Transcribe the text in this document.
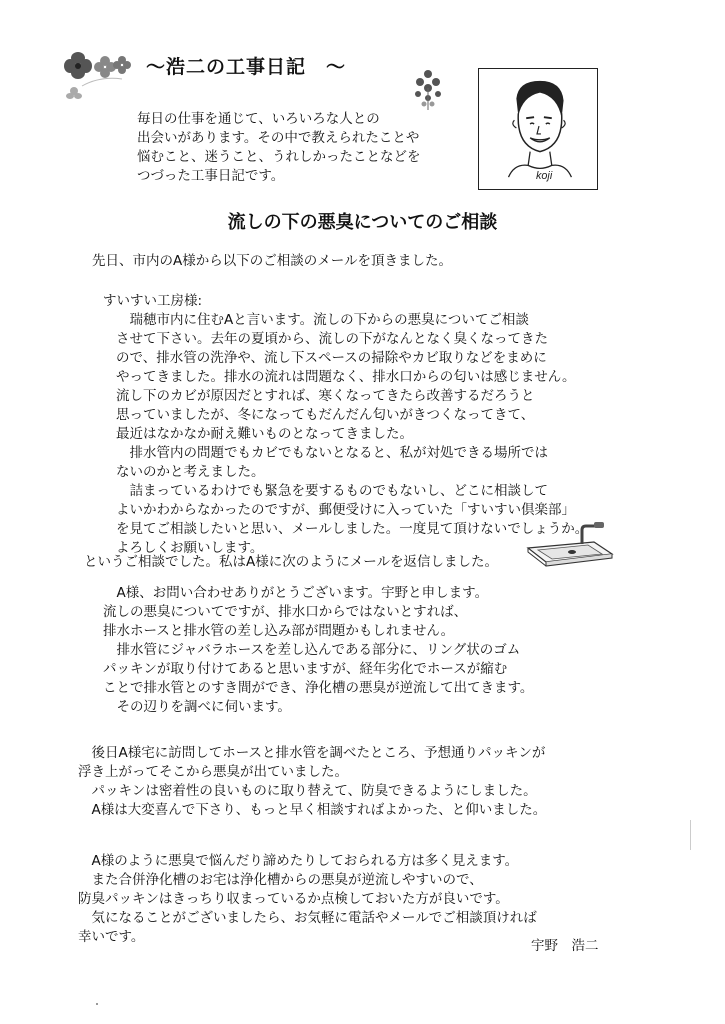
～浩二の工事日記　～
koji
毎日の仕事を通じて、いろいろな人との
出会いがあります。その中で教えられたことや
悩むこと、迷うこと、うれしかったことなどを
つづった工事日記です。
流しの下の悪臭についてのご相談
先日、市内のA様から以下のご相談のメールを頂きました。
すいすい工房様:
　瑞穂市内に住むAと言います。流しの下からの悪臭についてご相談
させて下さい。去年の夏頃から、流しの下がなんとなく臭くなってきた
ので、排水管の洗浄や、流し下スペースの掃除やカビ取りなどをまめに
やってきました。排水の流れは問題なく、排水口からの匂いは感じません。
流し下のカビが原因だとすれば、寒くなってきたら改善するだろうと
思っていましたが、冬になってもだんだん匂いがきつくなってきて、
最近はなかなか耐え難いものとなってきました。
　排水管内の問題でもカビでもないとなると、私が対処できる場所では
ないのかと考えました。
　詰まっているわけでも緊急を要するものでもないし、どこに相談して
よいかわからなかったのですが、郵便受けに入っていた「すいすい倶楽部」
を見てご相談したいと思い、メールしました。一度見て頂けないでしょうか。
よろしくお願いします。
というご相談でした。私はA様に次のようにメールを返信しました。
　A様、お問い合わせありがとうございます。宇野と申します。
流しの悪臭についてですが、排水口からではないとすれば、
排水ホースと排水管の差し込み部が問題かもしれません。
　排水管にジャバラホースを差し込んである部分に、リング状のゴム
パッキンが取り付けてあると思いますが、経年劣化でホースが縮む
ことで排水管とのすき間ができ、浄化槽の悪臭が逆流して出てきます。
　その辺りを調べに伺います。
　後日A様宅に訪問してホースと排水管を調べたところ、予想通りパッキンが
浮き上がってそこから悪臭が出ていました。
　パッキンは密着性の良いものに取り替えて、防臭できるようにしました。
　A様は大変喜んで下さり、もっと早く相談すればよかった、と仰いました。
　A様のように悪臭で悩んだり諦めたりしておられる方は多く見えます。
　また合併浄化槽のお宅は浄化槽からの悪臭が逆流しやすいので、
防臭パッキンはきっちり収まっているか点検しておいた方が良いです。
　気になることがございましたら、お気軽に電話やメールでご相談頂ければ
幸いです。
宇野　浩二
